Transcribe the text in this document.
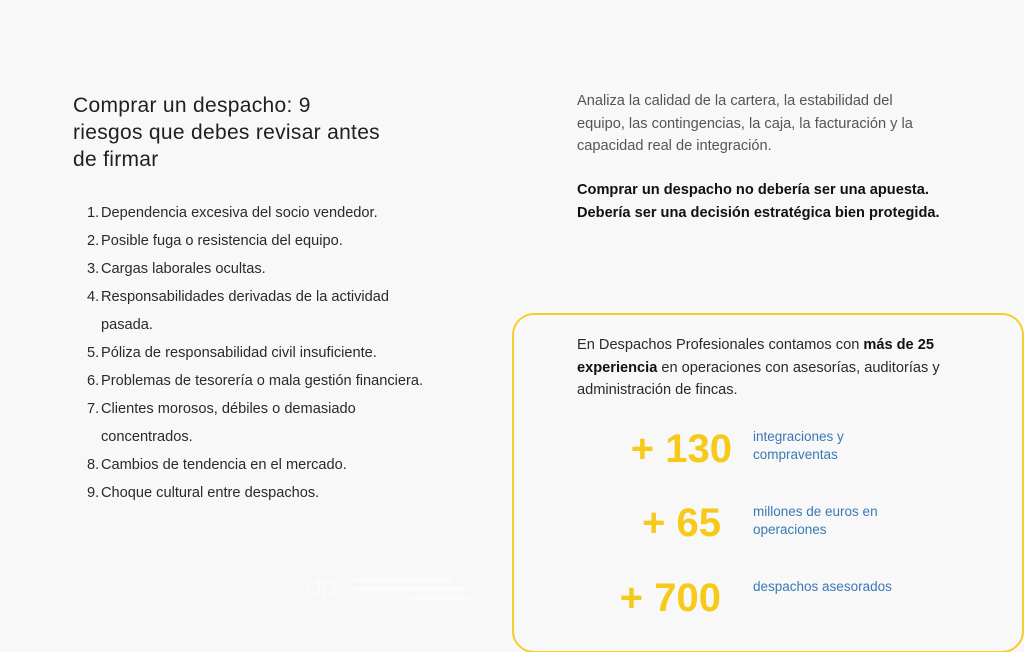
Comprar un despacho: 9 riesgos que debes revisar antes de firmar
1. Dependencia excesiva del socio vendedor.
2. Posible fuga o resistencia del equipo.
3. Cargas laborales ocultas.
4. Responsabilidades derivadas de la actividad pasada.
5. Póliza de responsabilidad civil insuficiente.
6. Problemas de tesorería o mala gestión financiera.
7. Clientes morosos, débiles o demasiado concentrados.
8. Cambios de tendencia en el mercado.
9. Choque cultural entre despachos.
dp

Analiza la calidad de la cartera, la estabilidad del equipo, las contingencias, la caja, la facturación y la capacidad real de integración.

Comprar un despacho no debería ser una apuesta. Debería ser una decisión estratégica bien protegida.

En Despachos Profesionales contamos con más de 25 experiencia en operaciones con asesorías, auditorías y administración de fincas.

+ 130 integraciones y compraventas
+ 65 millones de euros en operaciones
+ 700 despachos asesorados
